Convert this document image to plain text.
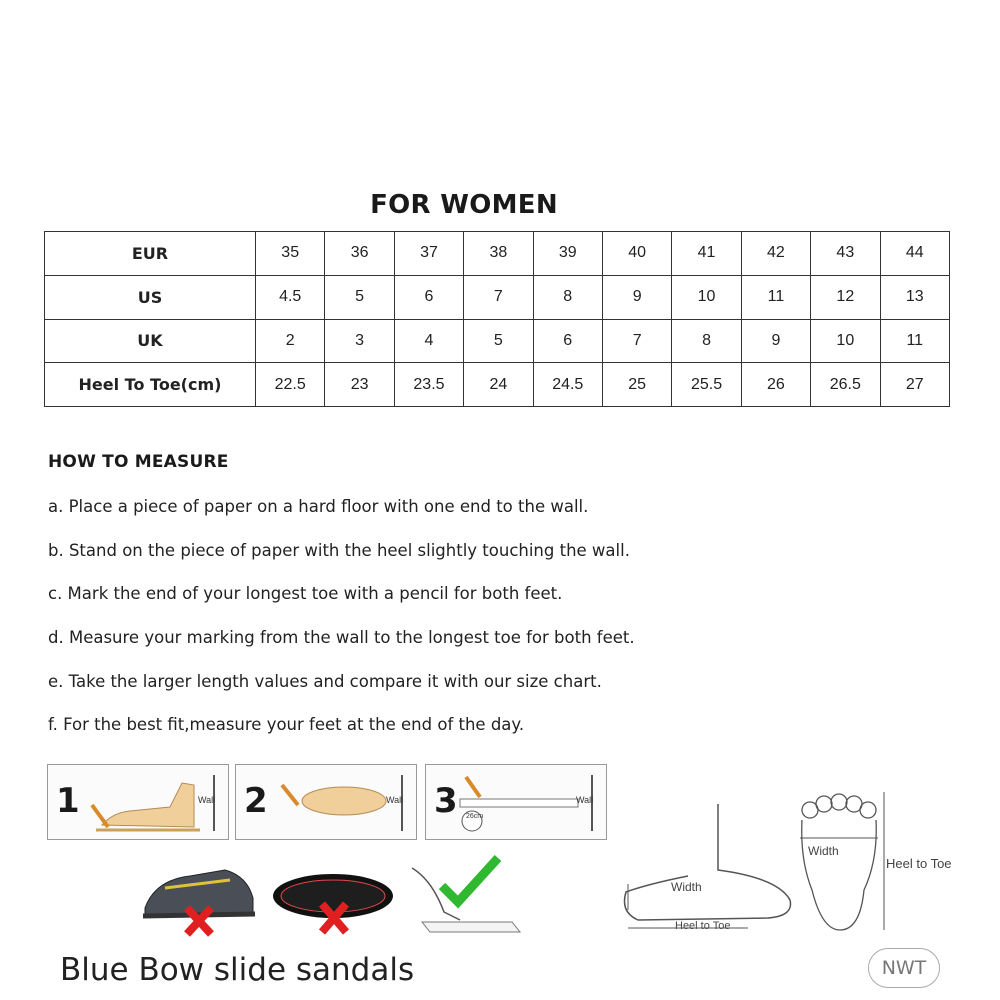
FOR WOMEN
EUR	35	36	37	38	39	40	41	42	43	44
US	4.5	5	6	7	8	9	10	11	12	13
UK	2	3	4	5	6	7	8	9	10	11
Heel To Toe(cm)	22.5	23	23.5	24	24.5	25	25.5	26	26.5	27
HOW TO MEASURE
a. Place a piece of paper on a hard floor with one end to the wall.
b. Stand on the piece of paper with the heel slightly touching the wall.
c. Mark the end of your longest toe with a pencil for both feet.
d. Measure your marking from the wall to the longest toe for both feet.
e. Take the larger length values and compare it with our size chart.
f. For the best fit,measure your feet at the end of the day.
1	Wall 2	Wall 3 26cm
Wall
Width
Heel to Toe
Width
Heel to Toe
Blue Bow slide sandals	NWT
